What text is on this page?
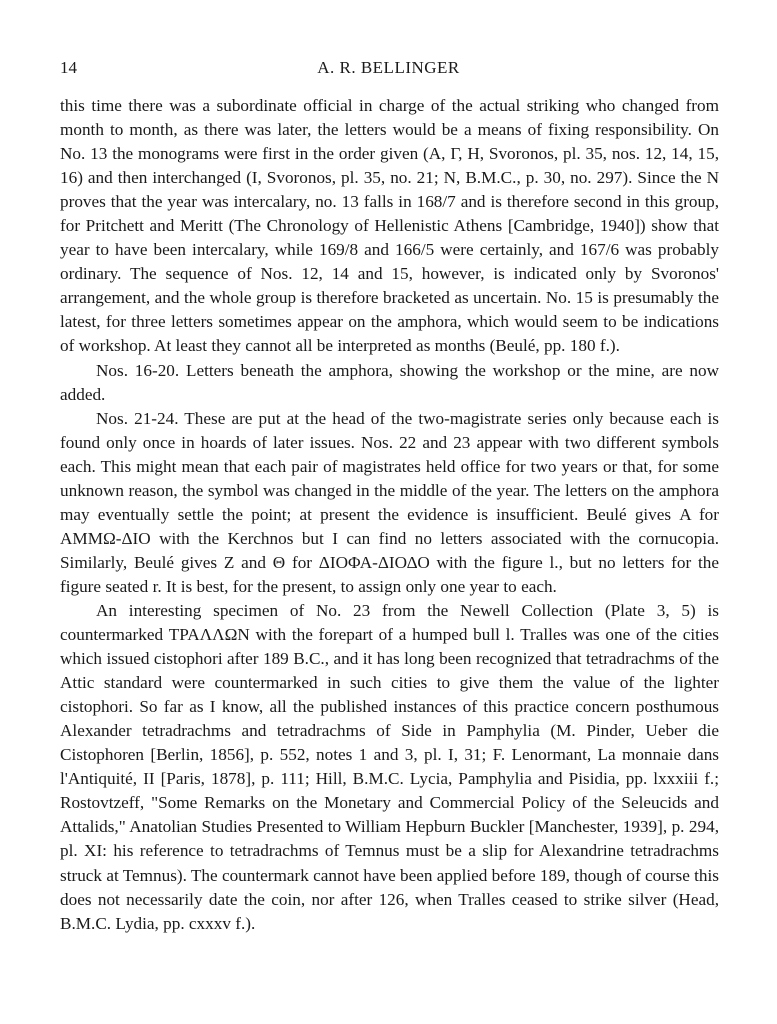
14	A. R. BELLINGER

this time there was a subordinate official in charge of the actual striking who changed from month to month, as there was later, the letters would be a means of fixing responsibility. On No. 13 the monograms were first in the order given (Α, Γ, Η, Svoronos, pl. 35, nos. 12, 14, 15, 16) and then interchanged (Ι, Svoronos, pl. 35, no. 21; Ν, B.M.C., p. 30, no. 297). Since the Ν proves that the year was intercalary, no. 13 falls in 168/7 and is therefore second in this group, for Pritchett and Meritt (The Chronology of Hellenistic Athens [Cambridge, 1940]) show that year to have been intercalary, while 169/8 and 166/5 were certainly, and 167/6 was probably ordinary. The sequence of Nos. 12, 14 and 15, however, is indicated only by Svoronos' arrangement, and the whole group is therefore bracketed as uncertain. No. 15 is presumably the latest, for three letters sometimes appear on the amphora, which would seem to be indications of workshop. At least they cannot all be interpreted as months (Beulé, pp. 180 f.).

Nos. 16-20. Letters beneath the amphora, showing the workshop or the mine, are now added.

Nos. 21-24. These are put at the head of the two-magistrate series only because each is found only once in hoards of later issues. Nos. 22 and 23 appear with two different symbols each. This might mean that each pair of magistrates held office for two years or that, for some unknown reason, the symbol was changed in the middle of the year. The letters on the amphora may eventually settle the point; at present the evidence is insufficient. Beulé gives Α for ΑΜΜΩ-ΔΙΟ with the Kerchnos but I can find no letters associated with the cornucopia. Similarly, Beulé gives Ζ and Θ for ΔΙΟΦΑ-ΔΙΟΔΟ with the figure l., but no letters for the figure seated r. It is best, for the present, to assign only one year to each.

An interesting specimen of No. 23 from the Newell Collection (Plate 3, 5) is countermarked ΤΡΑΛΛΩΝ with the forepart of a humped bull l. Tralles was one of the cities which issued cistophori after 189 B.C., and it has long been recognized that tetradrachms of the Attic standard were countermarked in such cities to give them the value of the lighter cistophori. So far as I know, all the published instances of this practice concern posthumous Alexander tetradrachms and tetradrachms of Side in Pamphylia (M. Pinder, Ueber die Cistophoren [Berlin, 1856], p. 552, notes 1 and 3, pl. I, 31; F. Lenormant, La monnaie dans l'Antiquité, II [Paris, 1878], p. 111; Hill, B.M.C. Lycia, Pamphylia and Pisidia, pp. lxxxiii f.; Rostovtzeff, "Some Remarks on the Monetary and Commercial Policy of the Seleucids and Attalids," Anatolian Studies Presented to William Hepburn Buckler [Manchester, 1939], p. 294, pl. XI: his reference to tetradrachms of Temnus must be a slip for Alexandrine tetradrachms struck at Temnus). The countermark cannot have been applied before 189, though of course this does not necessarily date the coin, nor after 126, when Tralles ceased to strike silver (Head, B.M.C. Lydia, pp. cxxxv f.).
